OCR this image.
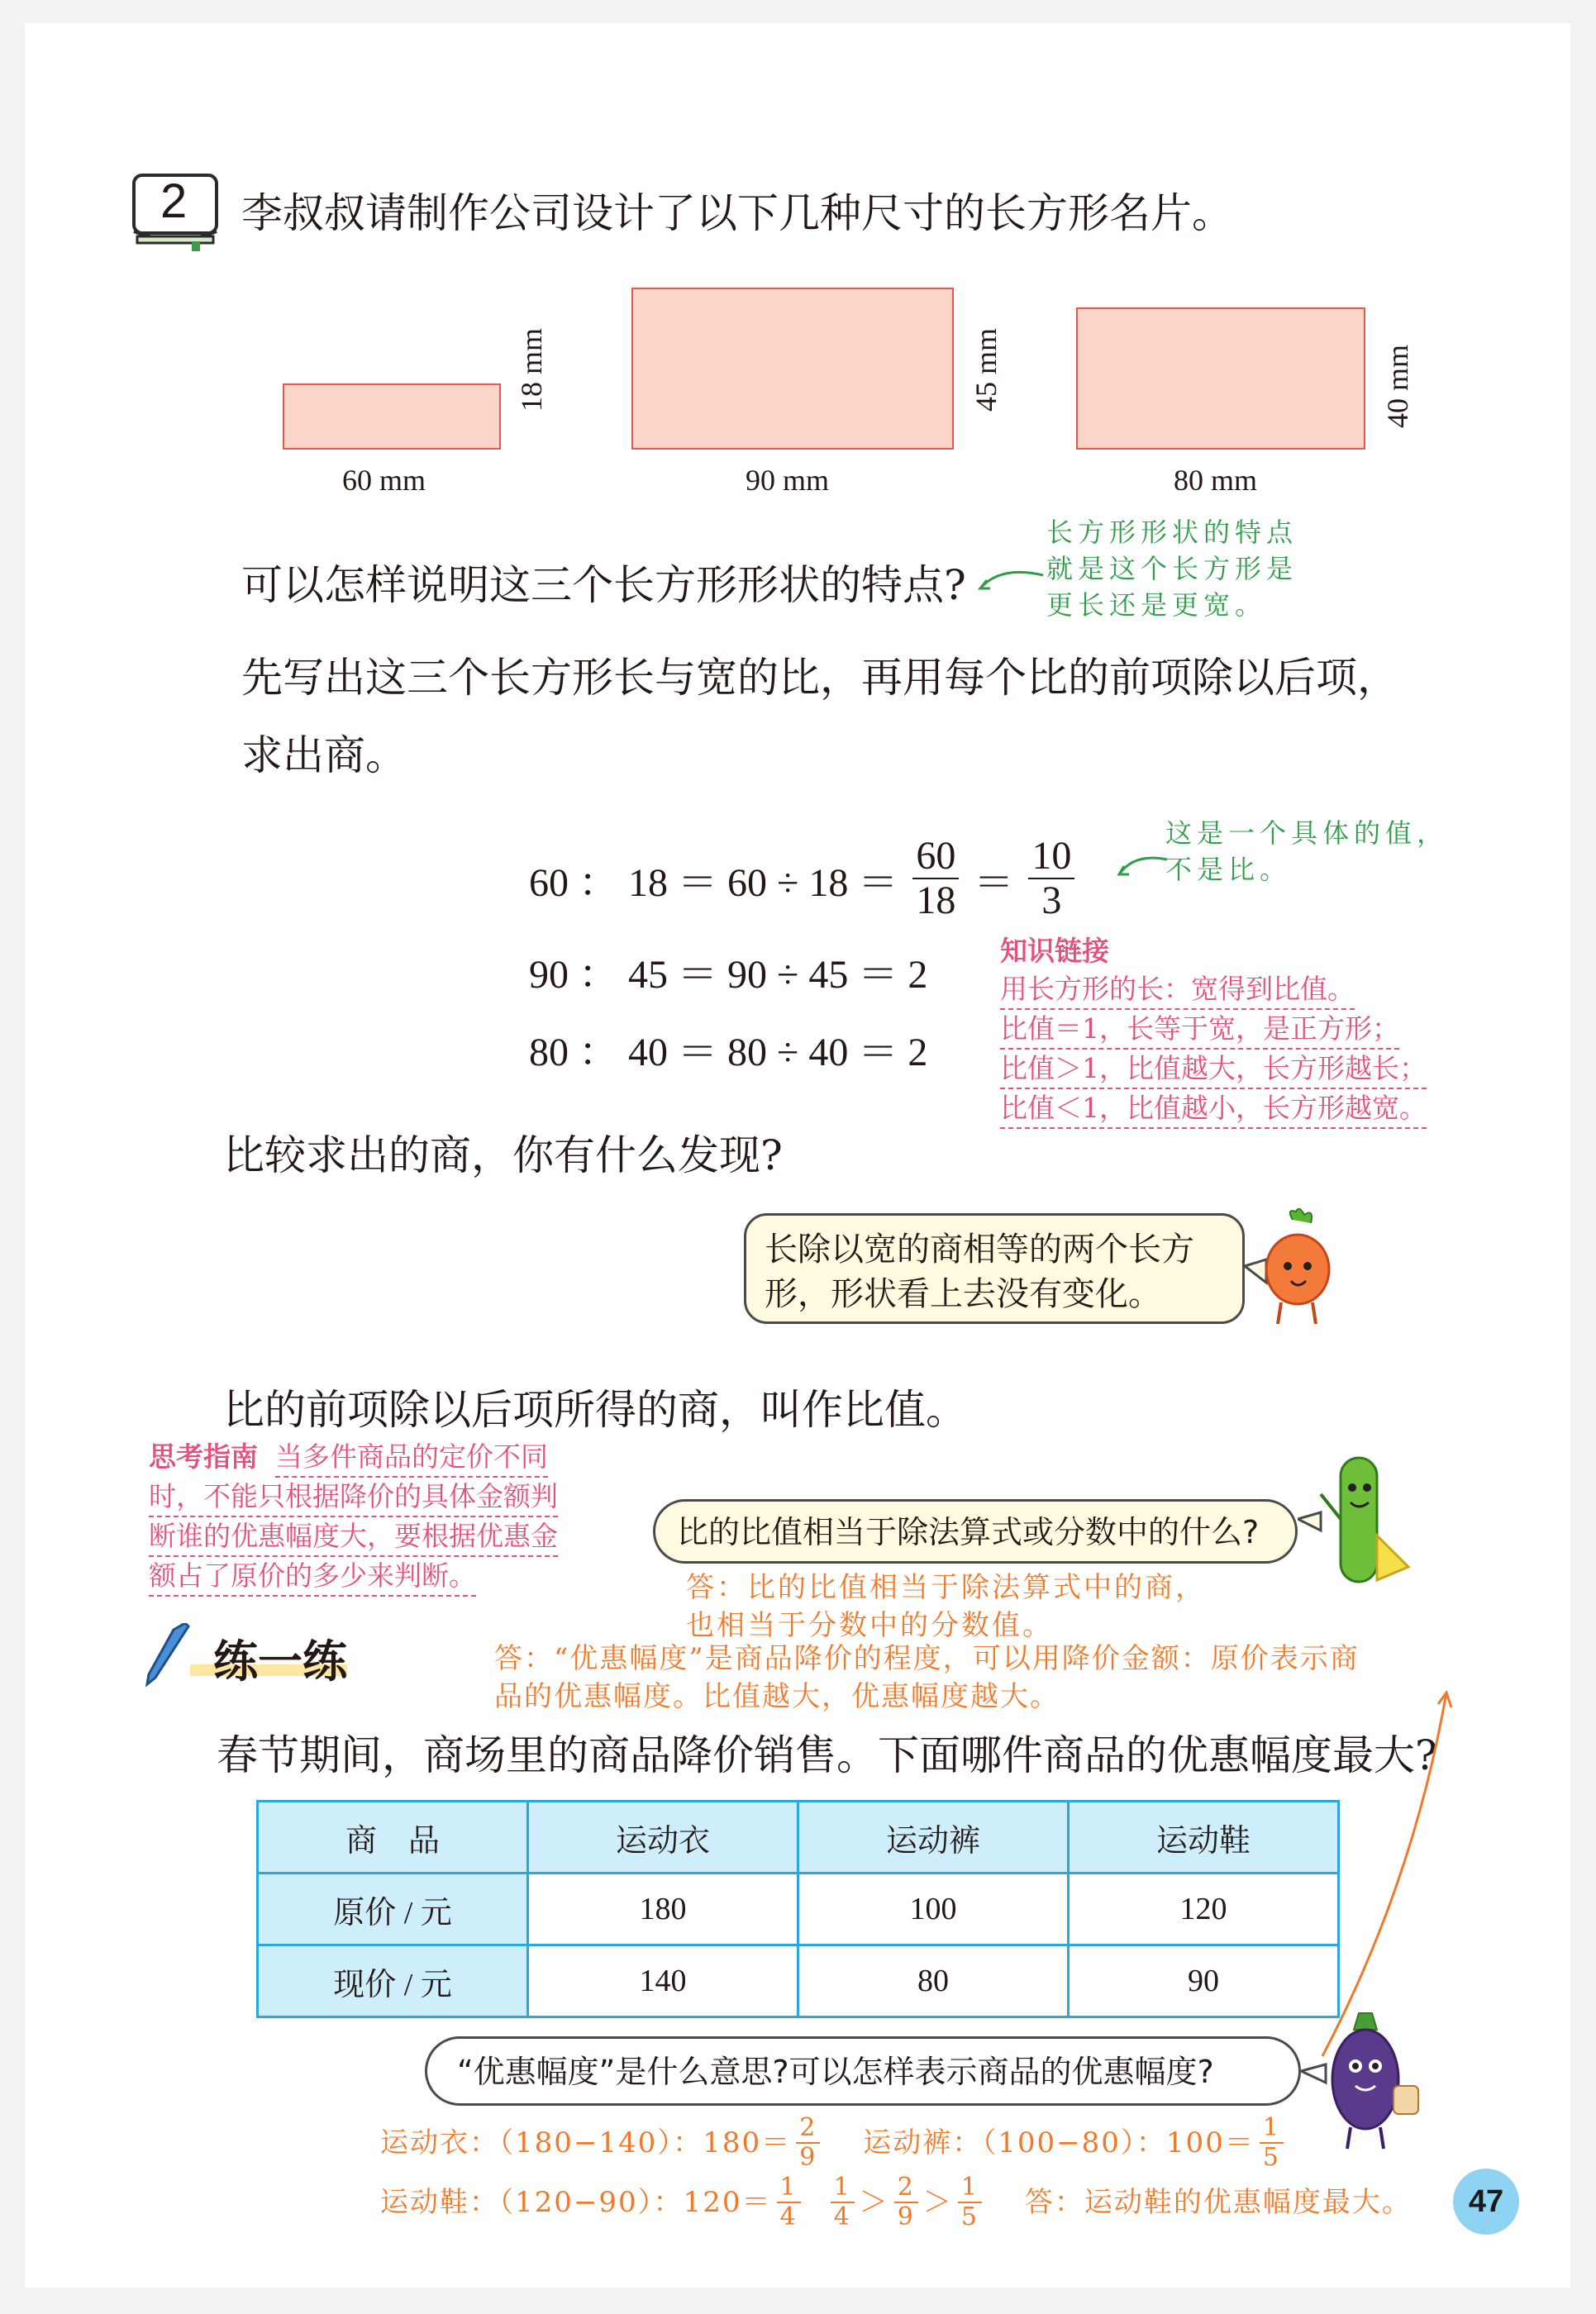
2 李叔叔请制作公司设计了以下几种尺寸的长方形名片。
18 mm
60 mm
45 mm
90 mm
40 mm
80 mm
可以怎样说明这三个长方形形状的特点?
长方形形状的特点
就是这个长方形是
更长还是更宽。
先写出这三个长方形长与宽的比，再用每个比的前项除以后项，
求出商。
60 ： $18 = 60 \div 18 = \frac{60}{18} = \frac{10}{3}$
这是一个具体的值，
不是比。
90 ： 45 ＝ 90 ÷ 45 ＝ 2
80 ： 40 ＝ 80 ÷ 40 ＝ 2
知识链接
用长方形的长：宽得到比值。
比值＝1，长等于宽，是正方形；
比值＞1，比值越大，长方形越长；
比值＜1，比值越小，长方形越宽。
比较求出的商，你有什么发现?
长除以宽的商相等的两个长方
形，形状看上去没有变化。
比的前项除以后项所得的商，叫作比值。
思考指南 当多件商品的定价不同
时，不能只根据降价的具体金额判
断谁的优惠幅度大，要根据优惠金
额占了原价的多少来判断。
比的比值相当于除法算式或分数中的什么?
答：比的比值相当于除法算式中的商，
也相当于分数中的分数值。
练一练	答：“优惠幅度”是商品降价的程度，可以用降价金额：原价表示商
品的优惠幅度。比值越大，优惠幅度越大。
春节期间，商场里的商品降价销售。下面哪件商品的优惠幅度最大?
商　品	运动衣	运动裤	运动鞋
原价 / 元	180	100	120
现价 / 元	140	80	90
“优惠幅度”是什么意思?可以怎样表示商品的优惠幅度?
运动衣：（180−140）：$180= \frac{2}{9}$ 运动裤：（100−80）：$100= \frac{1}{5}$
运动鞋：（120−90）：$120= \frac{1}{4} \frac{1}{4} > \frac{2}{9} > \frac{1}{5}$ 答：运动鞋的优惠幅度最大。 47
